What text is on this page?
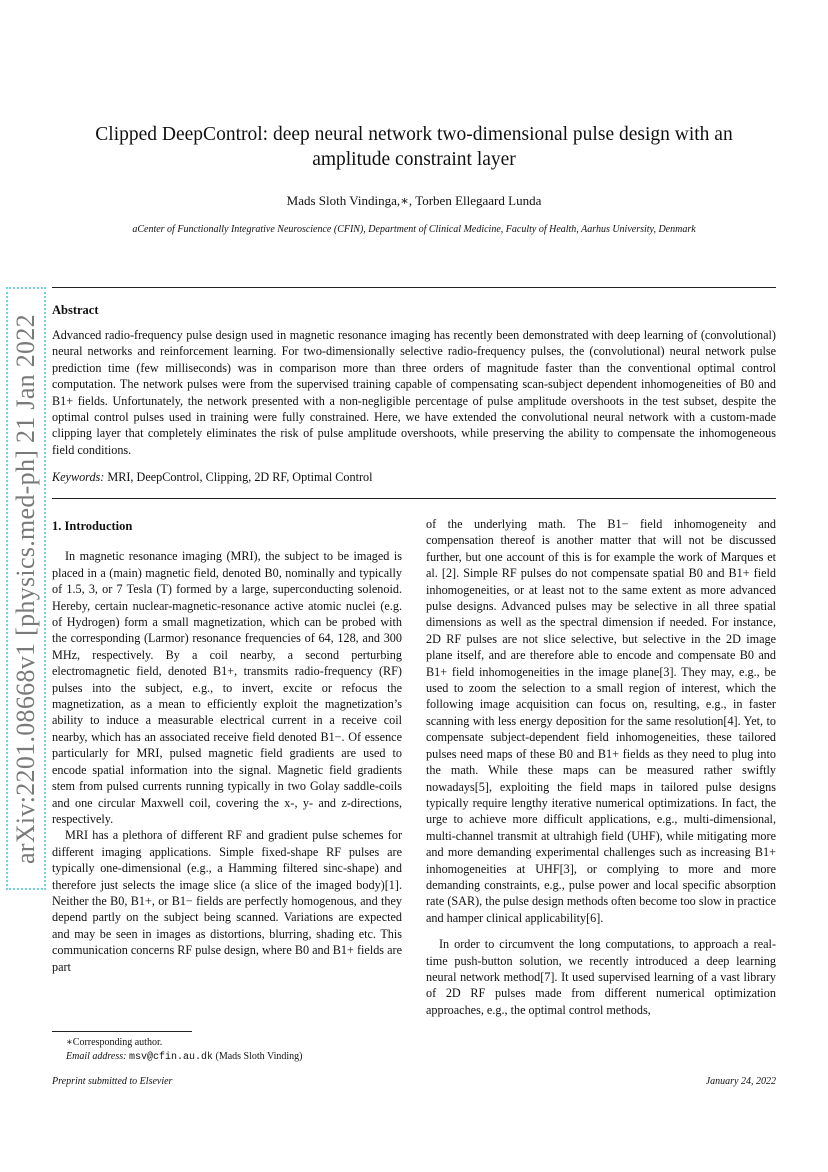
arXiv:2201.08668v1 [physics.med-ph] 21 Jan 2022
Clipped DeepControl: deep neural network two-dimensional pulse design with an
amplitude constraint layer
Mads Sloth Vindinga,∗, Torben Ellegaard Lunda
aCenter of Functionally Integrative Neuroscience (CFIN), Department of Clinical Medicine, Faculty of Health, Aarhus University, Denmark
Abstract
Advanced radio-frequency pulse design used in magnetic resonance imaging has recently been demonstrated with deep learning of (convolutional) neural networks and reinforcement learning. For two-dimensionally selective radio-frequency pulses, the (convolutional) neural network pulse prediction time (few milliseconds) was in comparison more than three orders of magnitude faster than the conventional optimal control computation. The network pulses were from the supervised training capable of compensating scan-subject dependent inhomogeneities of B0 and B1+ fields. Unfortunately, the network presented with a non-negligible percentage of pulse amplitude overshoots in the test subset, despite the optimal control pulses used in training were fully constrained. Here, we have extended the convolutional neural network with a custom-made clipping layer that completely eliminates the risk of pulse amplitude overshoots, while preserving the ability to compensate the inhomogeneous field conditions.
Keywords: MRI, DeepControl, Clipping, 2D RF, Optimal Control
1. Introduction

In magnetic resonance imaging (MRI), the subject to be imaged is placed in a (main) magnetic field, denoted B0, nominally and typically of 1.5, 3, or 7 Tesla (T) formed by a large, superconducting solenoid. Hereby, certain nuclear-magnetic-resonance active atomic nuclei (e.g. of Hydrogen) form a small magnetization, which can be probed with the corresponding (Larmor) resonance frequencies of 64, 128, and 300 MHz, respectively. By a coil nearby, a second perturbing electromagnetic field, denoted B1+, transmits radio-frequency (RF) pulses into the subject, e.g., to invert, excite or refocus the magnetization, as a mean to efficiently exploit the magnetization’s ability to induce a measurable electrical current in a receive coil nearby, which has an associated receive field denoted B1−. Of essence particularly for MRI, pulsed magnetic field gradients are used to encode spatial information into the signal. Magnetic field gradients stem from pulsed currents running typically in two Golay saddle-coils and one circular Maxwell coil, covering the x-, y- and z-directions, respectively.

MRI has a plethora of different RF and gradient pulse schemes for different imaging applications. Simple fixed-shape RF pulses are typically one-dimensional (e.g., a Hamming filtered sinc-shape) and therefore just selects the image slice (a slice of the imaged body)[1]. Neither the B0, B1+, or B1− fields are perfectly homogenous, and they depend partly on the subject being scanned. Variations are expected and may be seen in images as distortions, blurring, shading etc. This communication concerns RF pulse design, where B0 and B1+ fields are part

of the underlying math. The B1− field inhomogeneity and compensation thereof is another matter that will not be discussed further, but one account of this is for example the work of Marques et al. [2]. Simple RF pulses do not compensate spatial B0 and B1+ field inhomogeneities, or at least not to the same extent as more advanced pulse designs. Advanced pulses may be selective in all three spatial dimensions as well as the spectral dimension if needed. For instance, 2D RF pulses are not slice selective, but selective in the 2D image plane itself, and are therefore able to encode and compensate B0 and B1+ field inhomogeneities in the image plane[3]. They may, e.g., be used to zoom the selection to a small region of interest, which the following image acquisition can focus on, resulting, e.g., in faster scanning with less energy deposition for the same resolution[4]. Yet, to compensate subject-dependent field inhomogeneities, these tailored pulses need maps of these B0 and B1+ fields as they need to plug into the math. While these maps can be measured rather swiftly nowadays[5], exploiting the field maps in tailored pulse designs typically require lengthy iterative numerical optimizations. In fact, the urge to achieve more difficult applications, e.g., multi-dimensional, multi-channel transmit at ultrahigh field (UHF), while mitigating more and more demanding experimental challenges such as increasing B1+ inhomogeneities at UHF[3], or complying to more and more demanding constraints, e.g., pulse power and local specific absorption rate (SAR), the pulse design methods often become too slow in practice and hamper clinical applicability[6].

In order to circumvent the long computations, to approach a real-time push-button solution, we recently introduced a deep learning neural network method[7]. It used supervised learning of a vast library of 2D RF pulses made from different numerical optimization approaches, e.g., the optimal control methods,

∗Corresponding author.
Email address: msv@cfin.au.dk (Mads Sloth Vinding)
Preprint submitted to Elsevier	January 24, 2022
